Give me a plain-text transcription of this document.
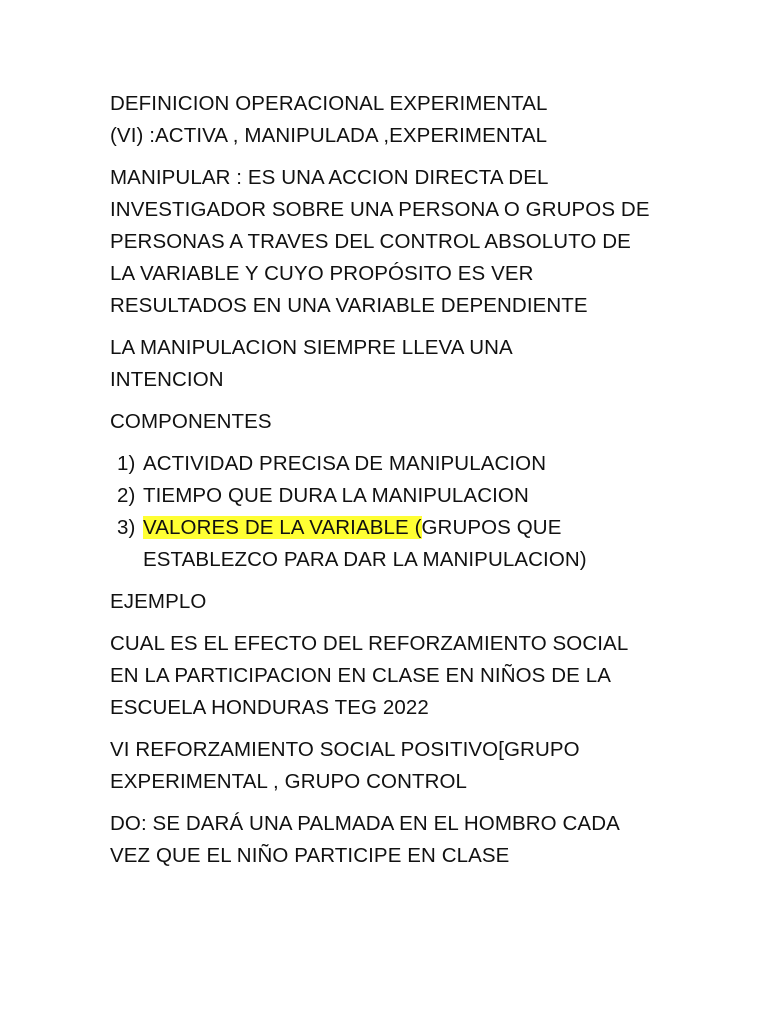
DEFINICION OPERACIONAL EXPERIMENTAL
(VI) :ACTIVA , MANIPULADA ,EXPERIMENTAL
MANIPULAR : ES UNA ACCION DIRECTA DEL
INVESTIGADOR SOBRE UNA PERSONA O GRUPOS DE
PERSONAS A TRAVES DEL CONTROL ABSOLUTO DE
LA VARIABLE Y CUYO PROPÓSITO ES VER
RESULTADOS EN UNA VARIABLE DEPENDIENTE
LA MANIPULACION SIEMPRE LLEVA UNA
INTENCION
COMPONENTES
1) ACTIVIDAD PRECISA DE MANIPULACION
2) TIEMPO QUE DURA LA MANIPULACION
3) VALORES DE LA VARIABLE (GRUPOS QUE
ESTABLEZCO PARA DAR LA MANIPULACION)
EJEMPLO
CUAL ES EL EFECTO DEL REFORZAMIENTO SOCIAL
EN LA PARTICIPACION EN CLASE EN NIÑOS DE LA
ESCUELA HONDURAS TEG 2022
VI REFORZAMIENTO SOCIAL POSITIVO[GRUPO
EXPERIMENTAL , GRUPO CONTROL
DO: SE DARÁ UNA PALMADA EN EL HOMBRO CADA
VEZ QUE EL NIÑO PARTICIPE EN CLASE
